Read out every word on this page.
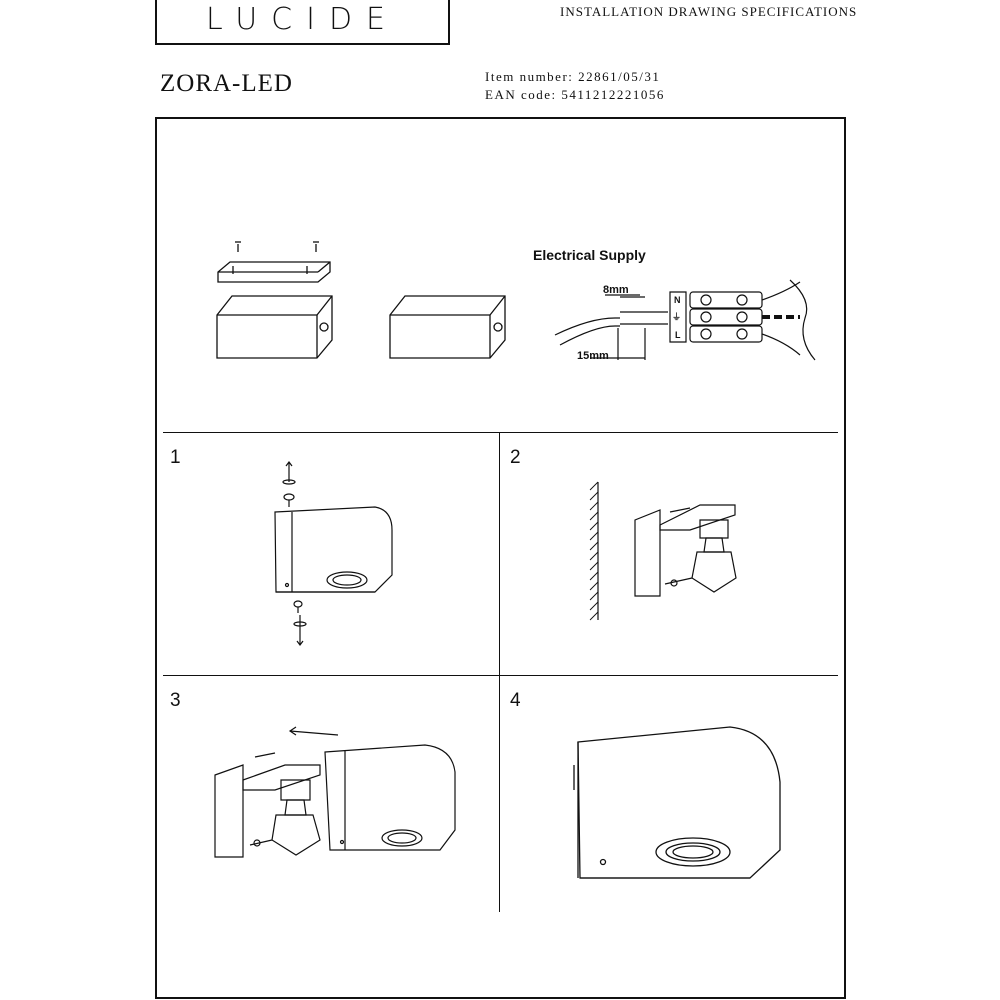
LUCIDE	INSTALLATION DRAWING SPECIFICATIONS
ZORA-LED	Item number: 22861/05/31
EAN code: 5411212221056
1	2
3	4
Electrical Supply
8mm
15mm
N
⏚
L
